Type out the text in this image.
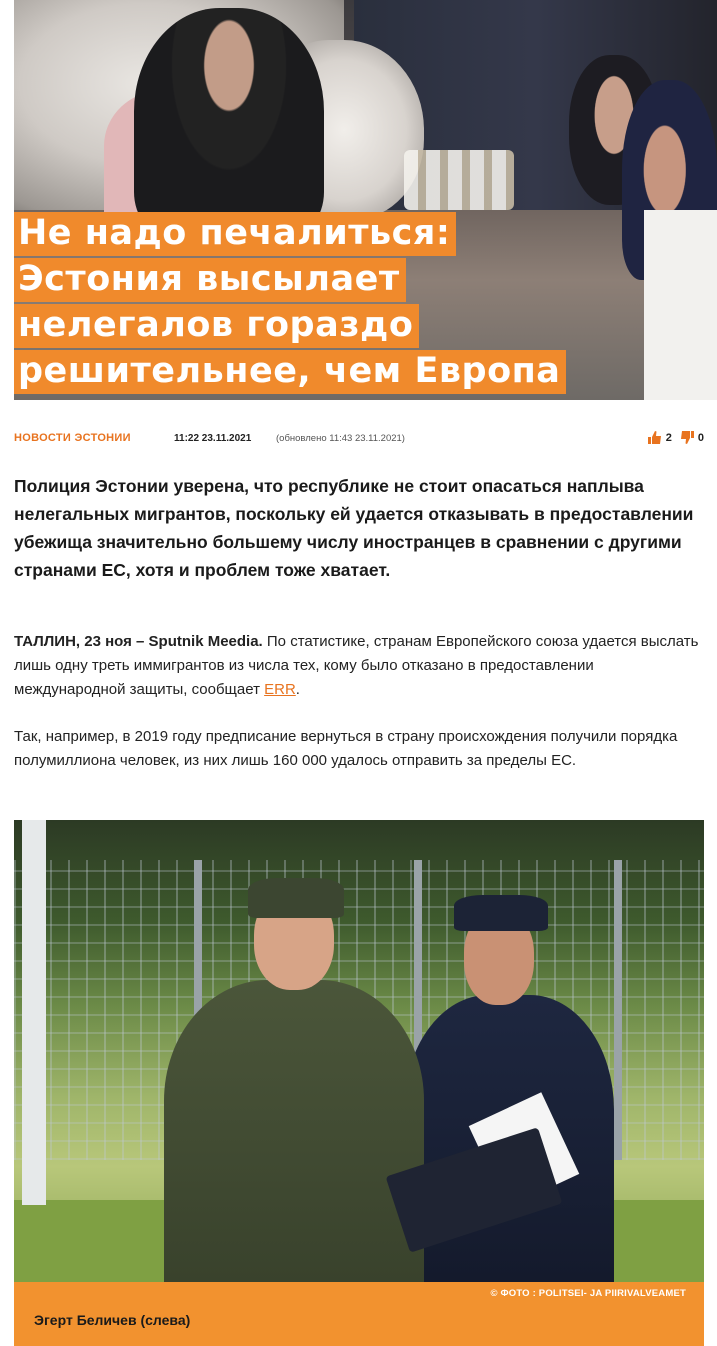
Не надо печалиться:
Эстония высылает
нелегалов гораздо
решительнее, чем Европа
НОВОСТИ ЭСТОНИИ	11:22 23.11.2021	(обновлено 11:43 23.11.2021)	2 0

Полиция Эстонии уверена, что республике не стоит опасаться наплыва нелегальных мигрантов, поскольку ей удается отказывать в предоставлении убежища значительно большему числу иностранцев в сравнении с другими странами ЕС, хотя и проблем тоже хватает.

ТАЛЛИН, 23 ноя – Sputnik Meedia. По статистике, странам Европейского союза удается выслать лишь одну треть иммигрантов из числа тех, кому было отказано в предоставлении международной защиты, сообщает ERR.

Так, например, в 2019 году предписание вернуться в страну происхождения получили порядка полумиллиона человек, из них лишь 160 000 удалось отправить за пределы ЕС.

© ФОТО : POLITSEI- JA PIIRIVALVEAMET
Эгерт Беличев (слева)
